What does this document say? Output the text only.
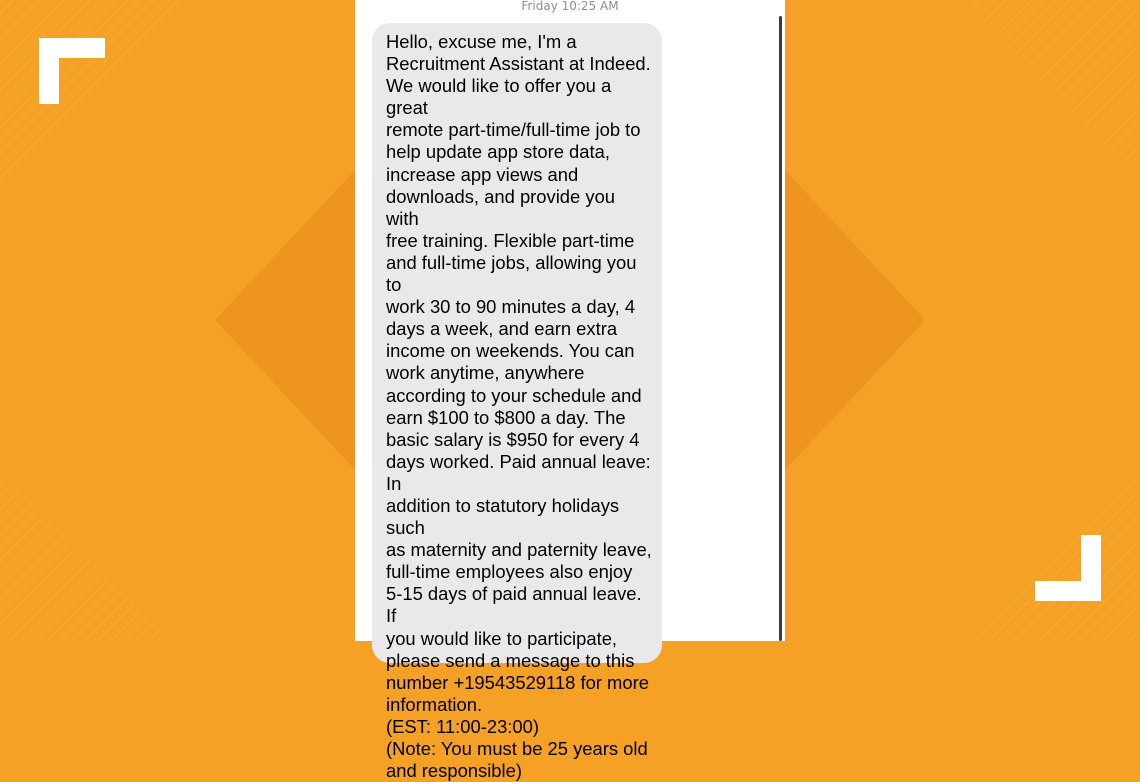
Friday 10:25 AM
Hello, excuse me, I'm a
Recruitment Assistant at Indeed.
We would like to offer you a great
remote part-time/full-time job to
help update app store data,
increase app views and
downloads, and provide you with
free training. Flexible part-time
and full-time jobs, allowing you to
work 30 to 90 minutes a day, 4
days a week, and earn extra
income on weekends. You can
work anytime, anywhere
according to your schedule and
earn $100 to $800 a day. The
basic salary is $950 for every 4
days worked. Paid annual leave: In
addition to statutory holidays such
as maternity and paternity leave,
full-time employees also enjoy
5-15 days of paid annual leave. If
you would like to participate,
please send a message to this
number +19543529118 for more
information.
(EST: 11:00-23:00)
(Note: You must be 25 years old
and responsible)
